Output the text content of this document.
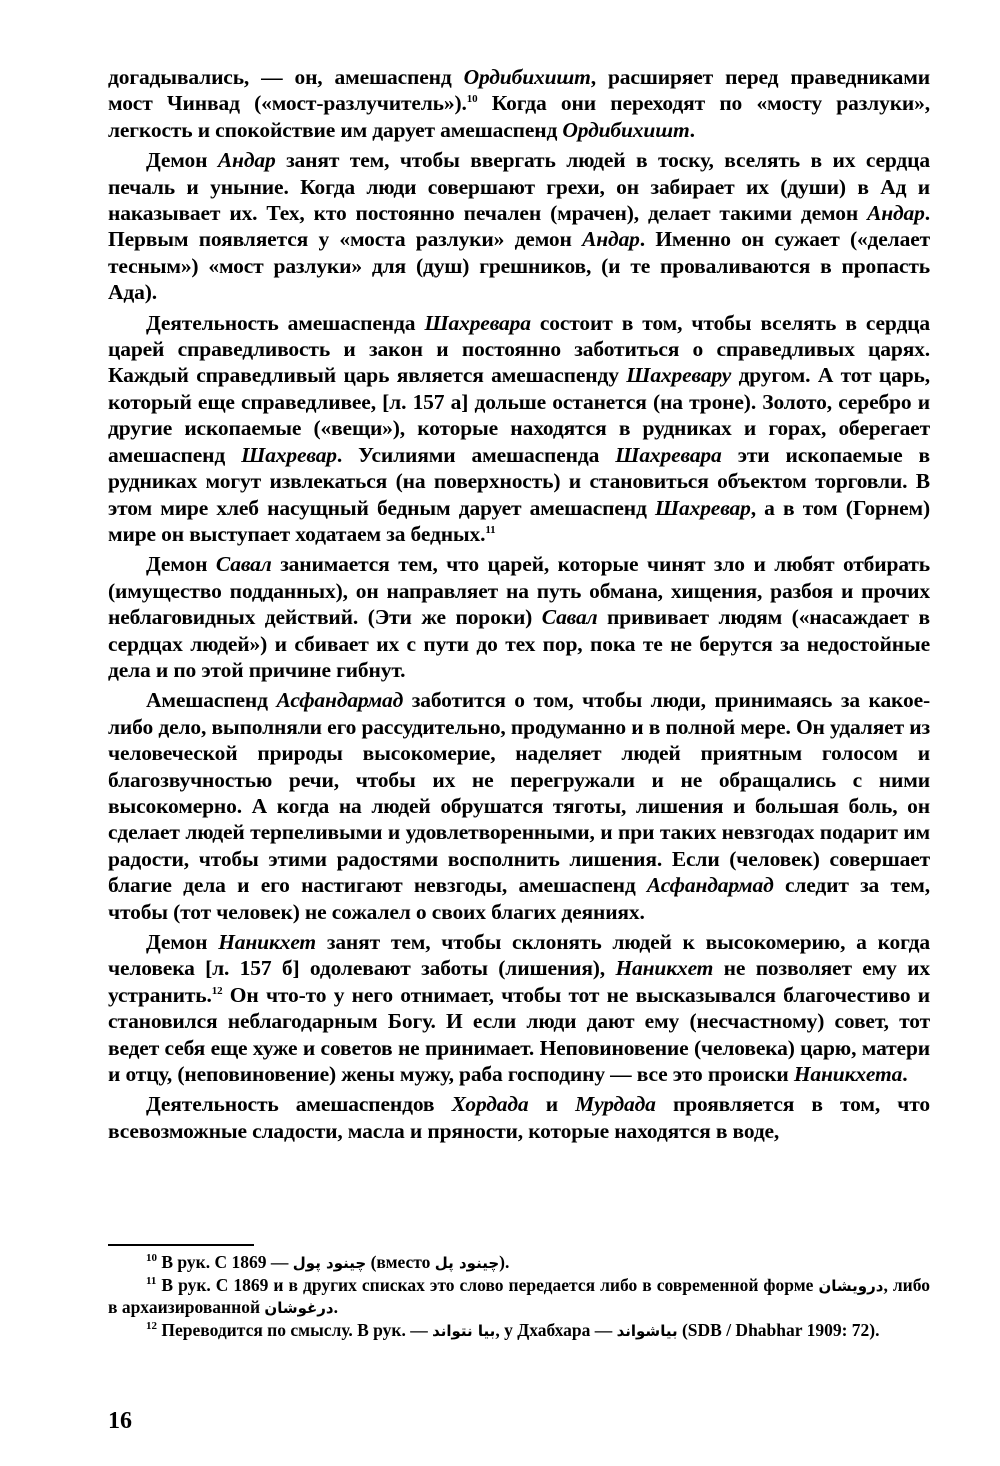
догадывались, — он, амешаспенд Ордибихишт, расширяет перед праведниками мост Чинвад («мост-разлучитель»).$^{10}$ Когда они переходят по «мосту разлуки», легкость и спокойствие им дарует амешаспенд Ордибихишт.

Демон Андар занят тем, чтобы ввергать людей в тоску, вселять в их сердца печаль и уныние. Когда люди совершают грехи, он забирает их (души) в Ад и наказывает их. Тех, кто постоянно печален (мрачен), делает такими демон Андар. Первым появляется у «моста разлуки» демон Андар. Именно он сужает («делает тесным») «мост разлуки» для (душ) грешников, (и те проваливаются в пропасть Ада).

Деятельность амешаспенда Шахревара состоит в том, чтобы вселять в сердца царей справедливость и закон и постоянно заботиться о справедливых царях. Каждый справедливый царь является амешаспенду Шахревару другом. А тот царь, который еще справедливее, [л. 157 а] дольше останется (на троне). Золото, серебро и другие ископаемые («вещи»), которые находятся в рудниках и горах, оберегает амешаспенд Шахревар. Усилиями амешаспенда Шахревара эти ископаемые в рудниках могут извлекаться (на поверхность) и становиться объектом торговли. В этом мире хлеб насущный бедным дарует амешаспенд Шахревар, а в том (Горнем) мире он выступает ходатаем за бедных.$^{11}$

Демон Савал занимается тем, что царей, которые чинят зло и любят отбирать (имущество подданных), он направляет на путь обмана, хищения, разбоя и прочих неблаговидных действий. (Эти же пороки) Савал прививает людям («насаждает в сердцах людей») и сбивает их с пути до тех пор, пока те не берутся за недостойные дела и по этой причине гибнут.

Амешаспенд Асфандармад заботится о том, чтобы люди, принимаясь за какое-либо дело, выполняли его рассудительно, продуманно и в полной мере. Он удаляет из человеческой природы высокомерие, наделяет людей приятным голосом и благозвучностью речи, чтобы их не перегружали и не обращались с ними высокомерно. А когда на людей обрушатся тяготы, лишения и большая боль, он сделает людей терпеливыми и удовлетворенными, и при таких невзгодах подарит им радости, чтобы этими радостями восполнить лишения. Если (человек) совершает благие дела и его настигают невзгоды, амешаспенд Асфандармад следит за тем, чтобы (тот человек) не сожалел о своих благих деяниях.

Демон Наникхет занят тем, чтобы склонять людей к высокомерию, а когда человека [л. 157 б] одолевают заботы (лишения), Наникхет не позволяет ему их устранить.$^{12}$ Он что-то у него отнимает, чтобы тот не высказывался благочестиво и становился неблагодарным Богу. И если люди дают ему (несчастному) совет, тот ведет себя еще хуже и советов не принимает. Неповиновение (человека) царю, матери и отцу, (неповиновение) жены мужу, раба господину — все это происки Наникхета.

Деятельность амешаспендов Хордада и Мурдада проявляется в том, что всевозможные сладости, масла и пряности, которые находятся в воде,

$^{10}$ В рук. С 1869 — چینود پول (вместо چینود پل).

$^{11}$ В рук. С 1869 и в других списках это слово передается либо в современной форме درویشان, либо в архаизированной درغوشان.

$^{12}$ Переводится по смыслу. В рук. — بیا نتواند, у Дхабхара — بیاشواند (SDB / Dhabhar 1909: 72).

16
